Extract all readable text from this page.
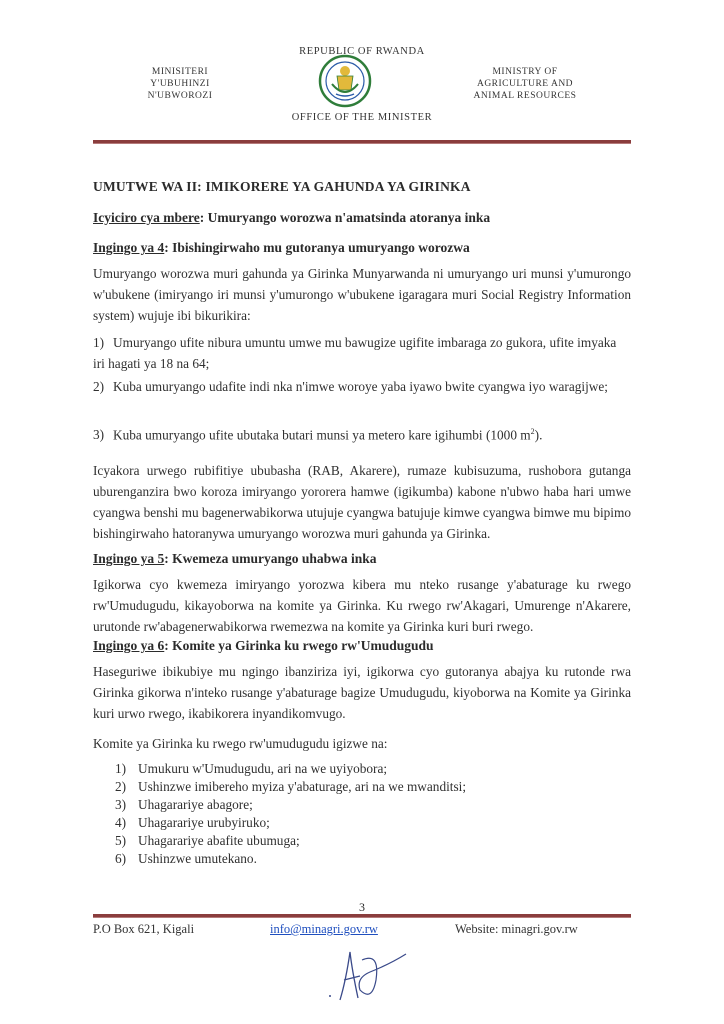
REPUBLIC OF RWANDA
MINISITERI
Y'UBUHINZI
N'UBWOROZI
MINISTRY OF
AGRICULTURE AND
ANIMAL RESOURCES
OFFICE OF THE MINISTER
UMUTWE WA II: IMIKORERE YA GAHUNDA YA GIRINKA
Icyiciro cya mbere: Umuryango worozwa n'amatsinda atoranya inka
Ingingo ya 4: Ibishingirwaho mu gutoranya umuryango worozwa
Umuryango worozwa muri gahunda ya Girinka Munyarwanda ni umuryango uri munsi y'umurongo w'ubukene (imiryango iri munsi y'umurongo w'ubukene igaragara muri Social Registry Information system) wujuje ibi bikurikira:
1) Umuryango ufite nibura umuntu umwe mu bawugize ugifite imbaraga zo gukora, ufite imyaka iri hagati ya 18 na 64;
2) Kuba umuryango udafite indi nka n'imwe woroye yaba iyawo bwite cyangwa iyo waragijwe;
3) Kuba umuryango ufite ubutaka butari munsi ya metero kare igihumbi (1000 $m^2$).
Icyakora urwego rubifitiye ububasha (RAB, Akarere), rumaze kubisuzuma, rushobora gutanga uburenganzira bwo koroza imiryango yororera hamwe (igikumba) kabone n'ubwo haba hari umwe cyangwa benshi mu bagenerwabikorwa utujuje cyangwa batujuje kimwe cyangwa bimwe mu bipimo bishingirwaho hatoranywa umuryango worozwa muri gahunda ya Girinka.
Ingingo ya 5: Kwemeza umuryango uhabwa inka
Igikorwa cyo kwemeza imiryango yorozwa kibera mu nteko rusange y'abaturage ku rwego rw'Umudugudu, kikayoborwa na komite ya Girinka. Ku rwego rw'Akagari, Umurenge n'Akarere, urutonde rw'abagenerwabikorwa rwemezwa na komite ya Girinka kuri buri rwego.
Ingingo ya 6: Komite ya Girinka ku rwego rw'Umudugudu
Haseguriwe ibikubiye mu ngingo ibanziriza iyi, igikorwa cyo gutoranya abajya ku rutonde rwa Girinka gikorwa n'inteko rusange y'abaturage bagize Umudugudu, kiyoborwa na Komite ya Girinka kuri urwo rwego, ikabikorera inyandikomvugo.
Komite ya Girinka ku rwego rw'umudugudu igizwe na:
1) Umukuru w'Umudugudu, ari na we uyiyobora;
2) Ushinzwe imibereho myiza y'abaturage, ari na we mwanditsi;
3) Uhagarariye abagore;
4) Uhagarariye urubyiruko;
5) Uhagarariye abafite ubumuga;
6) Ushinzwe umutekano.
3
P.O Box 621, Kigali	info@minagri.gov.rw	Website: minagri.gov.rw
